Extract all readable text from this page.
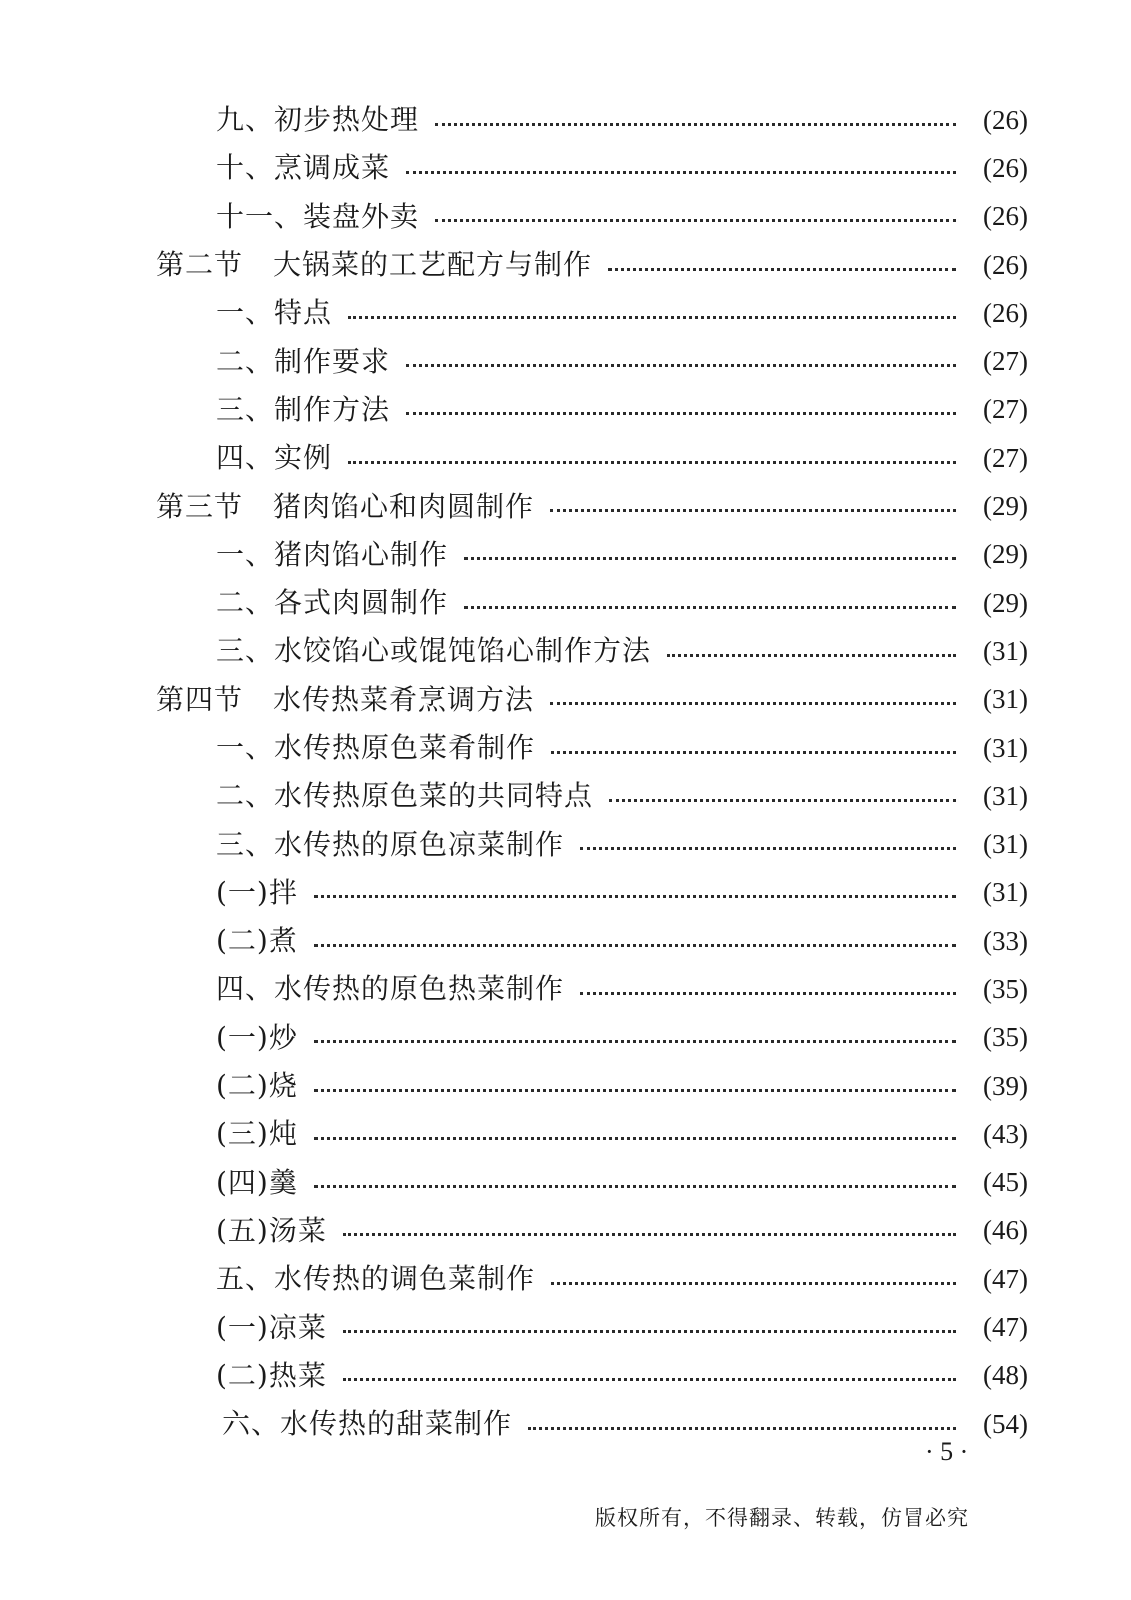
九、初步热处理	(26)
十、烹调成菜	(26)
十一、装盘外卖	(26)
第二节 大锅菜的工艺配方与制作	(26)
一、特点	(26)
二、制作要求	(27)
三、制作方法	(27)
四、实例	(27)
第三节 猪肉馅心和肉圆制作	(29)
一、猪肉馅心制作	(29)
二、各式肉圆制作	(29)
三、水饺馅心或馄饨馅心制作方法	(31)
第四节 水传热菜肴烹调方法	(31)
一、水传热原色菜肴制作	(31)
二、水传热原色菜的共同特点	(31)
三、水传热的原色凉菜制作	(31)
(一)拌	(31)
(二)煮	(33)
四、水传热的原色热菜制作	(35)
(一)炒	(35)
(二)烧	(39)
(三)炖	(43)
(四)羹	(45)
(五)汤菜	(46)
五、水传热的调色菜制作	(47)
(一)凉菜	(47)
(二)热菜	(48)
六、水传热的甜菜制作	(54)
· 5 ·
版权所有，不得翻录、转载，仿冒必究
